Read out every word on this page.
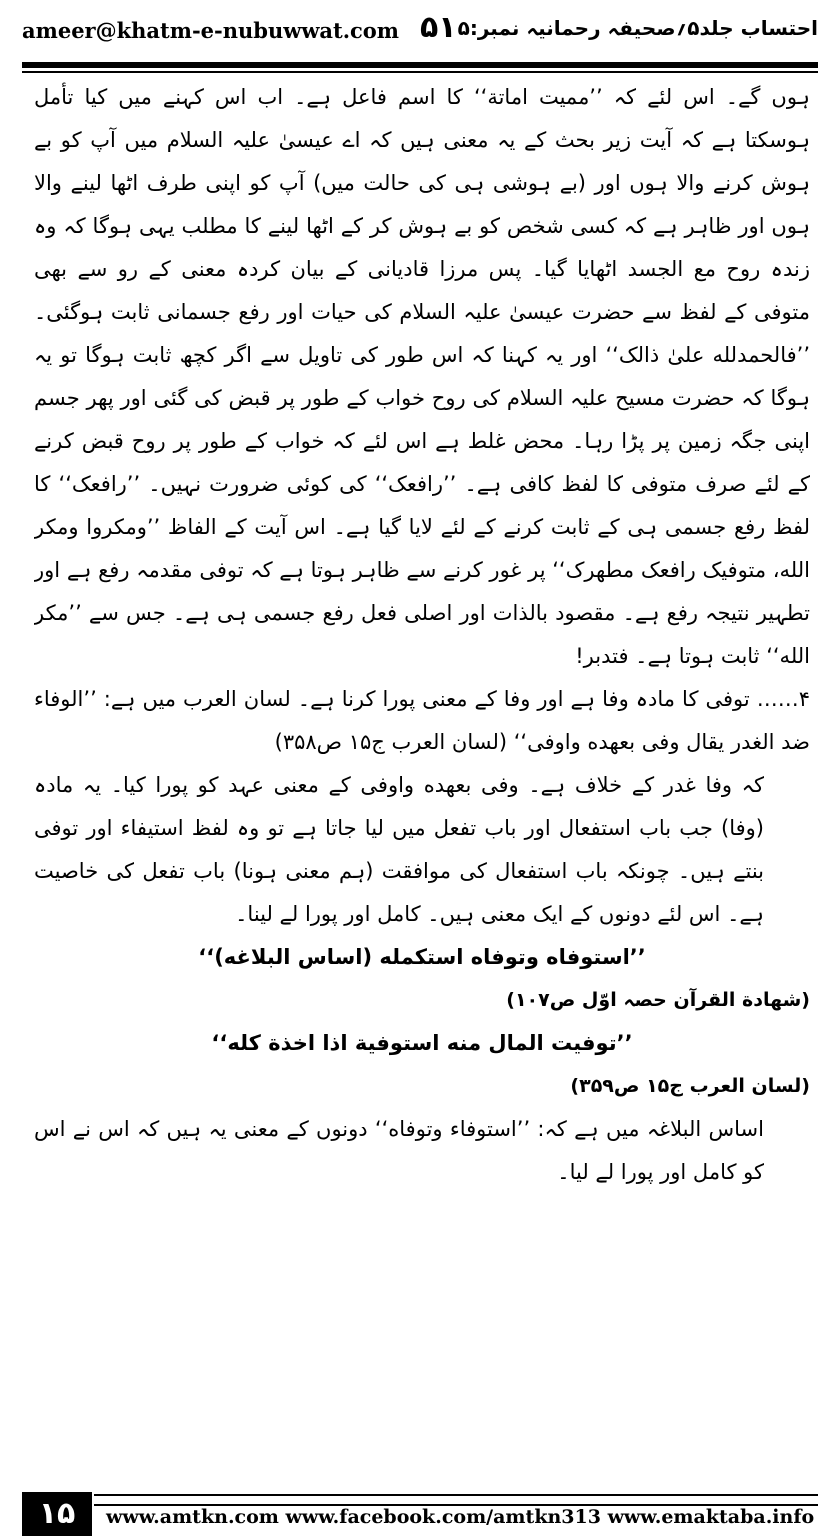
ameer@khatm-e-nubuwwat.com ۵۱ احتساب جلد۵؍صحیفہ رحمانیہ نمبر:۵

ہوں گے۔ اس لئے کہ ’’ممیت اماتة‘‘ کا اسم فاعل ہے۔ اب اس کہنے میں کیا تأمل ہوسکتا ہے کہ آیت زیر بحث کے یہ معنی ہیں کہ اے عیسیٰ علیہ السلام میں آپ کو بے ہوش کرنے والا ہوں اور (بے ہوشی ہی کی حالت میں) آپ کو اپنی طرف اٹھا لینے والا ہوں اور ظاہر ہے کہ کسی شخص کو بے ہوش کر کے اٹھا لینے کا مطلب یہی ہوگا کہ وہ زندہ روح مع الجسد اٹھایا گیا۔ پس مرزا قادیانی کے بیان کردہ معنی کے رو سے بھی متوفی کے لفظ سے حضرت عیسیٰ علیہ السلام کی حیات اور رفع جسمانی ثابت ہوگئی۔ ’’فالحمدلله علیٰ ذالک‘‘ اور یہ کہنا کہ اس طور کی تاویل سے اگر کچھ ثابت ہوگا تو یہ ہوگا کہ حضرت مسیح علیہ السلام کی روح خواب کے طور پر قبض کی گئی اور پھر جسم اپنی جگہ زمین پر پڑا رہا۔ محض غلط ہے اس لئے کہ خواب کے طور پر روح قبض کرنے کے لئے صرف متوفی کا لفظ کافی ہے۔ ’’رافعک‘‘ کی کوئی ضرورت نہیں۔ ’’رافعک‘‘ کا لفظ رفع جسمی ہی کے ثابت کرنے کے لئے لایا گیا ہے۔ اس آیت کے الفاظ ’’ومکروا ومکر الله، متوفیک رافعک مطهرک‘‘ پر غور کرنے سے ظاہر ہوتا ہے کہ توفی مقدمہ رفع ہے اور تطہیر نتیجہ رفع ہے۔ مقصود بالذات اور اصلی فعل رفع جسمی ہی ہے۔ جس سے ’’مکر الله‘‘ ثابت ہوتا ہے۔ فتدبر!

۴…… توفی کا مادہ وفا ہے اور وفا کے معنی پورا کرنا ہے۔ لسان العرب میں ہے: ’’الوفاء ضد الغدر یقال وفی بعهده واوفی‘‘ (لسان العرب ج۱۵ ص۳۵۸)

کہ وفا غدر کے خلاف ہے۔ وفی بعهده واوفی کے معنی عہد کو پورا کیا۔ یہ مادہ (وفا) جب باب استفعال اور باب تفعل میں لیا جاتا ہے تو وہ لفظ استیفاء اور توفی بنتے ہیں۔ چونکہ باب استفعال کی موافقت (ہم معنی ہونا) باب تفعل کی خاصیت ہے۔ اس لئے دونوں کے ایک معنی ہیں۔ کامل اور پورا لے لینا۔

’’استوفاه وتوفاه استکمله (اساس البلاغه)‘‘

(شهادة القرآن حصہ اوّل ص۱۰۷)

’’توفیت المال منه استوفیة اذا اخذة کله‘‘

(لسان العرب ج۱۵ ص۳۵۹)

اساس البلاغہ میں ہے کہ: ’’استوفاء وتوفاه‘‘ دونوں کے معنی یہ ہیں کہ اس نے اس کو کامل اور پورا لے لیا۔

۱۵	www.amtkn.com www.facebook.com/amtkn313 www.emaktaba.info
